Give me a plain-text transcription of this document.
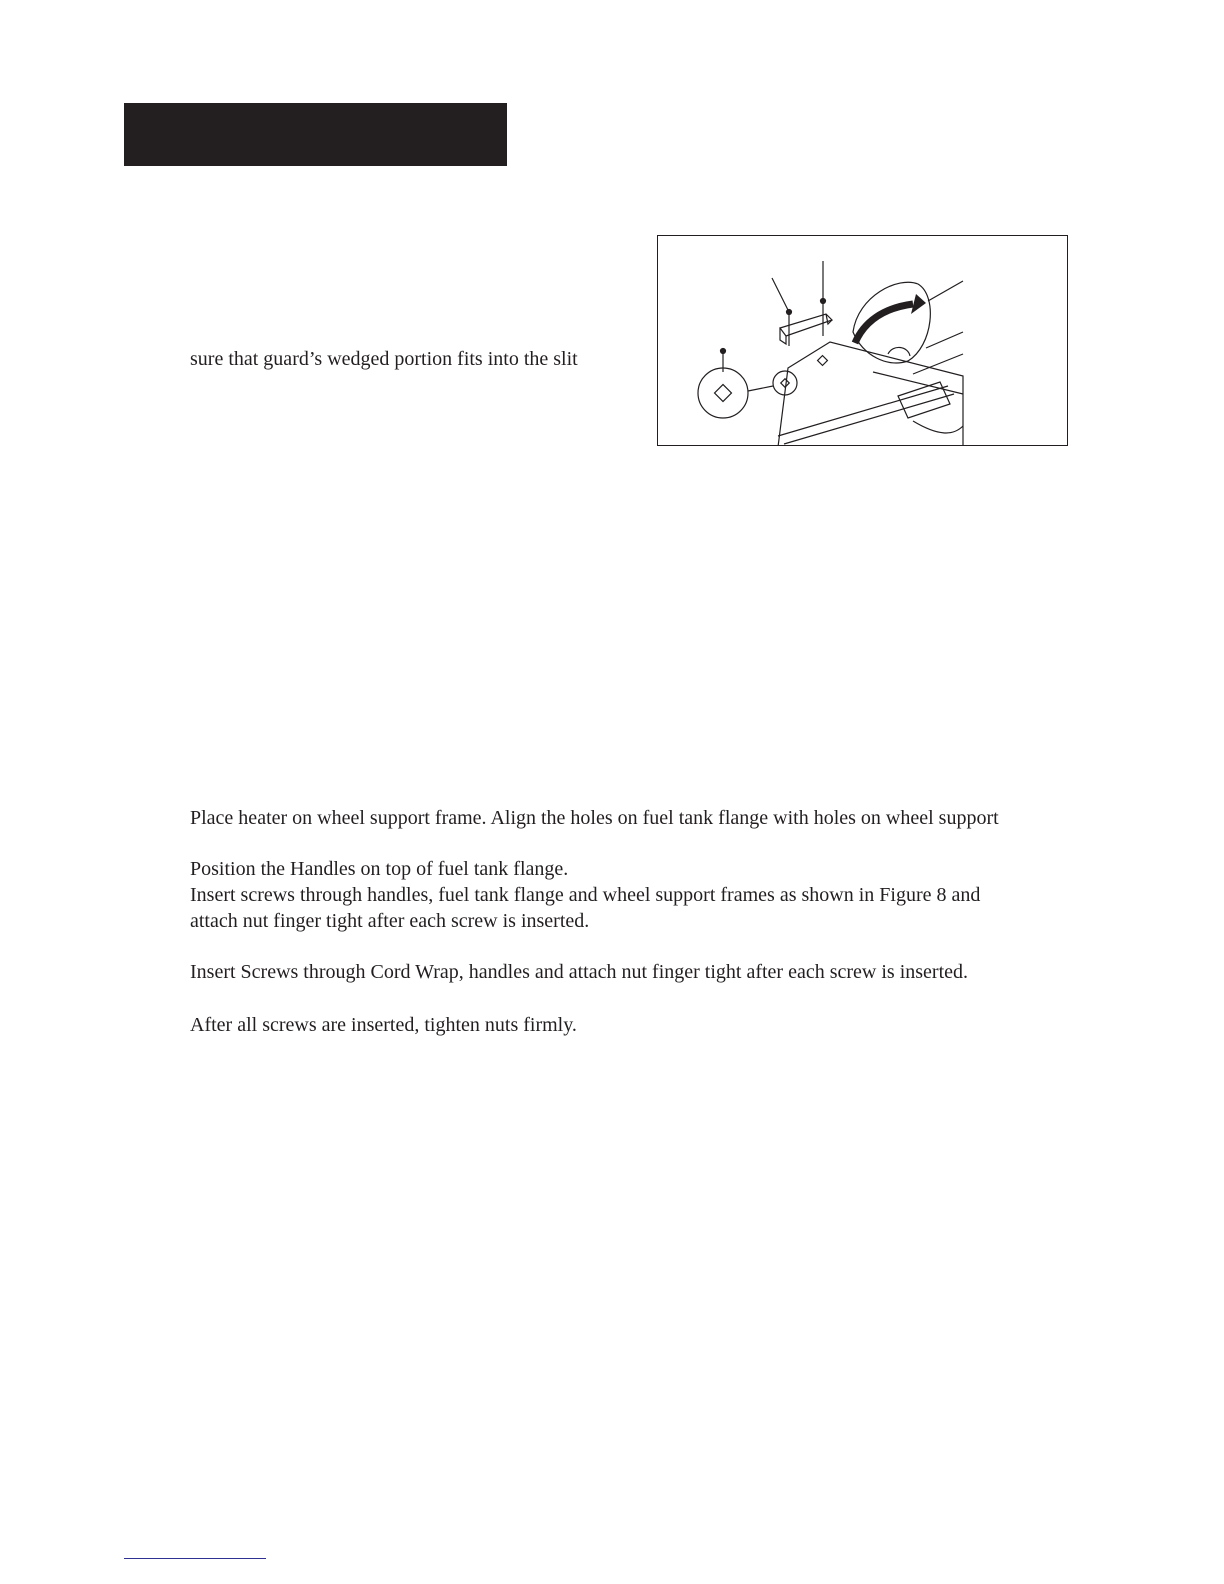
sure that guard’s wedged portion fits into the slit

Place heater on wheel support frame. Align the holes on fuel tank flange with holes on wheel support

Position the Handles on top of fuel tank flange.

Insert screws through handles, fuel tank flange and wheel support frames as shown in Figure 8 and

attach nut finger tight after each screw is inserted.

Insert Screws through Cord Wrap, handles and attach nut finger tight after each screw is inserted.

After all screws are inserted, tighten nuts firmly.
